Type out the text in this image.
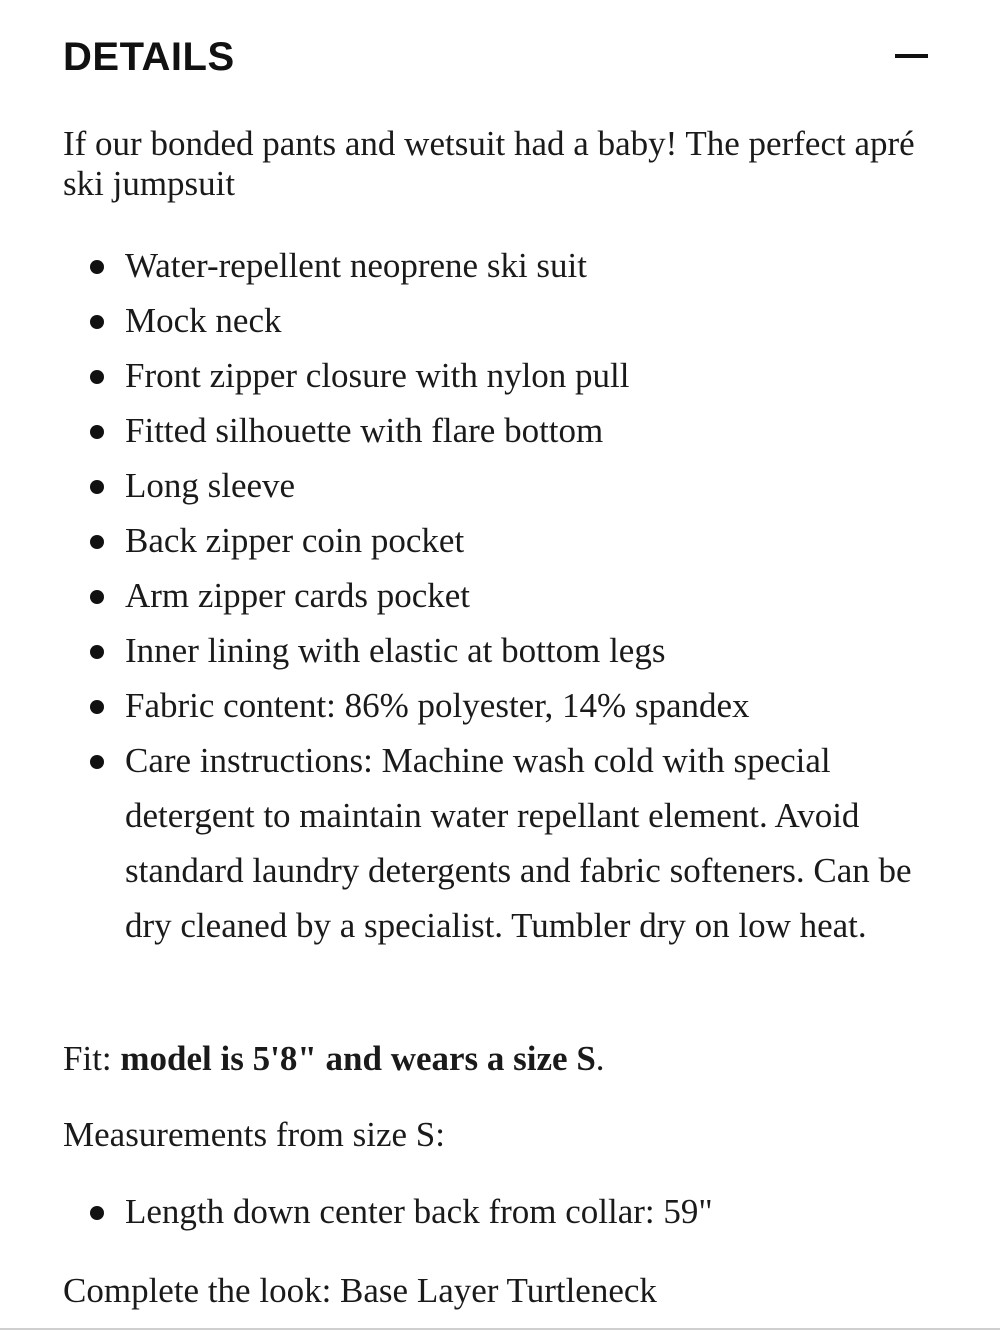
DETAILS
If our bonded pants and wetsuit had a baby! The perfect apré ski jumpsuit
Water-repellent neoprene ski suit
Mock neck
Front zipper closure with nylon pull
Fitted silhouette with flare bottom
Long sleeve
Back zipper coin pocket
Arm zipper cards pocket
Inner lining with elastic at bottom legs
Fabric content: 86% polyester, 14% spandex
Care instructions: Machine wash cold with special detergent to maintain water repellant element. Avoid standard laundry detergents and fabric softeners. Can be dry cleaned by a specialist. Tumbler dry on low heat.
Fit: model is 5'8" and wears a size S.
Measurements from size S:
Length down center back from collar: 59"
Complete the look: Base Layer Turtleneck
